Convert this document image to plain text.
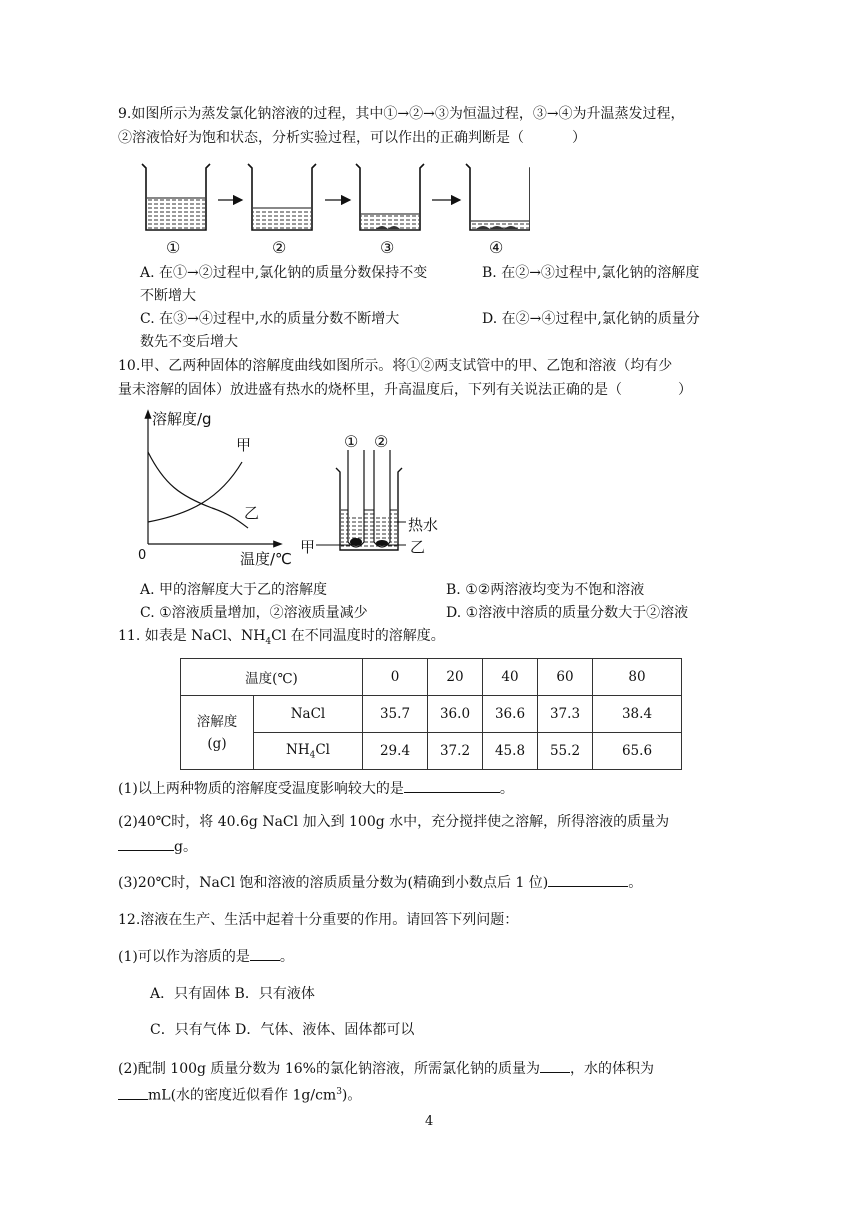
9.如图所示为蒸发氯化钠溶液的过程，其中①→②→③为恒温过程，③→④为升温蒸发过程，
②溶液恰好为饱和状态，分析实验过程，可以作出的正确判断是（	）
①	②	③	④
A. 在①→②过程中,氯化钠的质量分数保持不变	B. 在②→③过程中,氯化钠的溶解度
不断增大
C. 在③→④过程中,水的质量分数不断增大	D. 在②→④过程中,氯化钠的质量分
数先不变后增大
10.甲、乙两种固体的溶解度曲线如图所示。将①②两支试管中的甲、乙饱和溶液（均有少
量未溶解的固体）放进盛有热水的烧杯里，升高温度后，下列有关说法正确的是（	）
溶解度/g
甲
乙
0	温度/℃
① ②
热水
甲	乙
A. 甲的溶解度大于乙的溶解度	B. ①②两溶液均变为不饱和溶液
C. ①溶液质量增加，②溶液质量减少	D. ①溶液中溶质的质量分数大于②溶液
11. 如表是 NaCl、$NH_4Cl$ 在不同温度时的溶解度。
温度(℃)		0	20	40	60	80
溶解度
(g)	NaCl	35.7	36.0	36.6	37.3	38.4
	$NH_4Cl$	29.4	37.2	45.8	55.2	65.6
(1)以上两种物质的溶解度受温度影响较大的是	。
(2)40℃时，将 40.6g NaCl 加入到 100g 水中，充分搅拌使之溶解，所得溶液的质量为
g。
(3)20℃时，NaCl 饱和溶液的溶质质量分数为(精确到小数点后 1 位)	。
12.溶液在生产、生活中起着十分重要的作用。请回答下列问题：
(1)可以作为溶质的是 。
A．只有固体 B．只有液体
C．只有气体 D．气体、液体、固体都可以
(2)配制 100g 质量分数为 16%的氯化钠溶液，所需氯化钠的质量为 ，水的体积为
mL(水的密度近似看作 $1g/cm^3$)。
4
